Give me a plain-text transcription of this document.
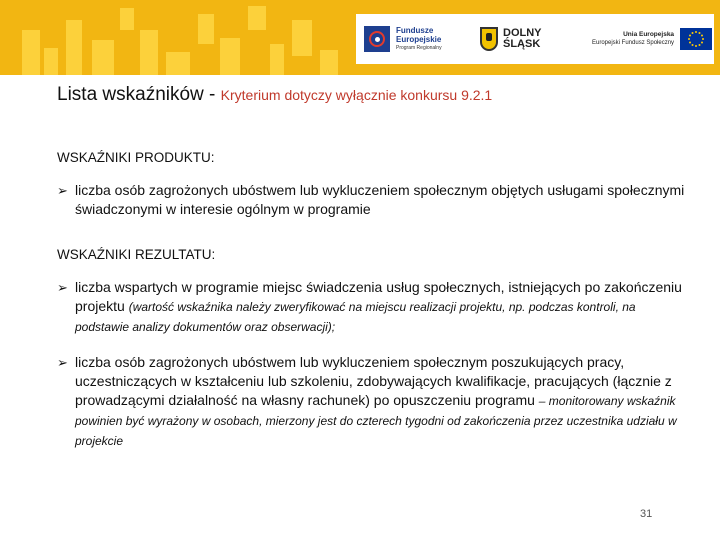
Fundusze
Europejskie
Program Regionalny
DOLNY
ŚLĄSK
Unia Europejska
Europejski Fundusz Społeczny
Lista wskaźników - Kryterium dotyczy wyłącznie konkursu 9.2.1

WSKAŹNIKI PRODUKTU:

➢ liczba osób zagrożonych ubóstwem lub wykluczeniem społecznym objętych usługami społecznymi świadczonymi w interesie ogólnym w programie

WSKAŹNIKI REZULTATU:

➢ liczba wspartych w programie miejsc świadczenia usług społecznych, istniejących po zakończeniu projektu (wartość wskaźnika należy zweryfikować na miejscu realizacji projektu, np. podczas kontroli, na podstawie analizy dokumentów oraz obserwacji);
➢ liczba osób zagrożonych ubóstwem lub wykluczeniem społecznym poszukujących pracy, uczestniczących w kształceniu lub szkoleniu, zdobywających kwalifikacje, pracujących (łącznie z prowadzącymi działalność na własny rachunek) po opuszczeniu programu – monitorowany wskaźnik powinien być wyrażony w osobach, mierzony jest do czterech tygodni od zakończenia przez uczestnika udziału w projekcie
31
